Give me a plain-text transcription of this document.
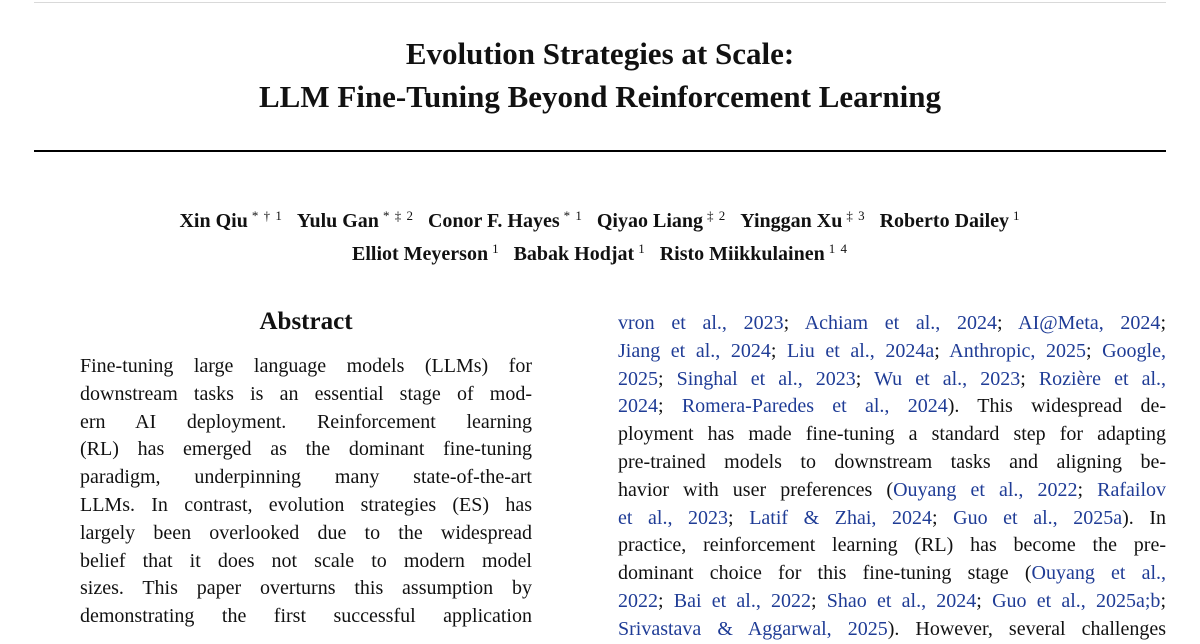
Evolution Strategies at Scale:
LLM Fine-Tuning Beyond Reinforcement Learning
Xin Qiu $^{* \dagger 1}$ Yulu Gan $^{* \ddagger 2}$ Conor F. Hayes $^{* 1}$ Qiyao Liang $^{\ddagger 2}$ Yinggan Xu $^{\ddagger 3}$ Roberto Dailey $^1$
Elliot Meyerson $^1$ Babak Hodjat $^1$ Risto Miikkulainen $^{1 4}$
Abstract
Fine-tuning large language models (LLMs) for
downstream tasks is an essential stage of mod-
ern AI deployment. Reinforcement learning
(RL) has emerged as the dominant fine-tuning
paradigm, underpinning many state-of-the-art
LLMs. In contrast, evolution strategies (ES) has
largely been overlooked due to the widespread
belief that it does not scale to modern model
sizes. This paper overturns this assumption by
demonstrating the first successful application
vron et al., 2023; Achiam et al., 2024; AI@Meta, 2024;
Jiang et al., 2024; Liu et al., 2024a; Anthropic, 2025; Google,
2025; Singhal et al., 2023; Wu et al., 2023; Rozière et al.,
2024; Romera-Paredes et al., 2024). This widespread de-
ployment has made fine-tuning a standard step for adapting
pre-trained models to downstream tasks and aligning be-
havior with user preferences (Ouyang et al., 2022; Rafailov
et al., 2023; Latif & Zhai, 2024; Guo et al., 2025a). In
practice, reinforcement learning (RL) has become the pre-
dominant choice for this fine-tuning stage (Ouyang et al.,
2022; Bai et al., 2022; Shao et al., 2024; Guo et al., 2025a;b;
Srivastava & Aggarwal, 2025). However, several challenges
